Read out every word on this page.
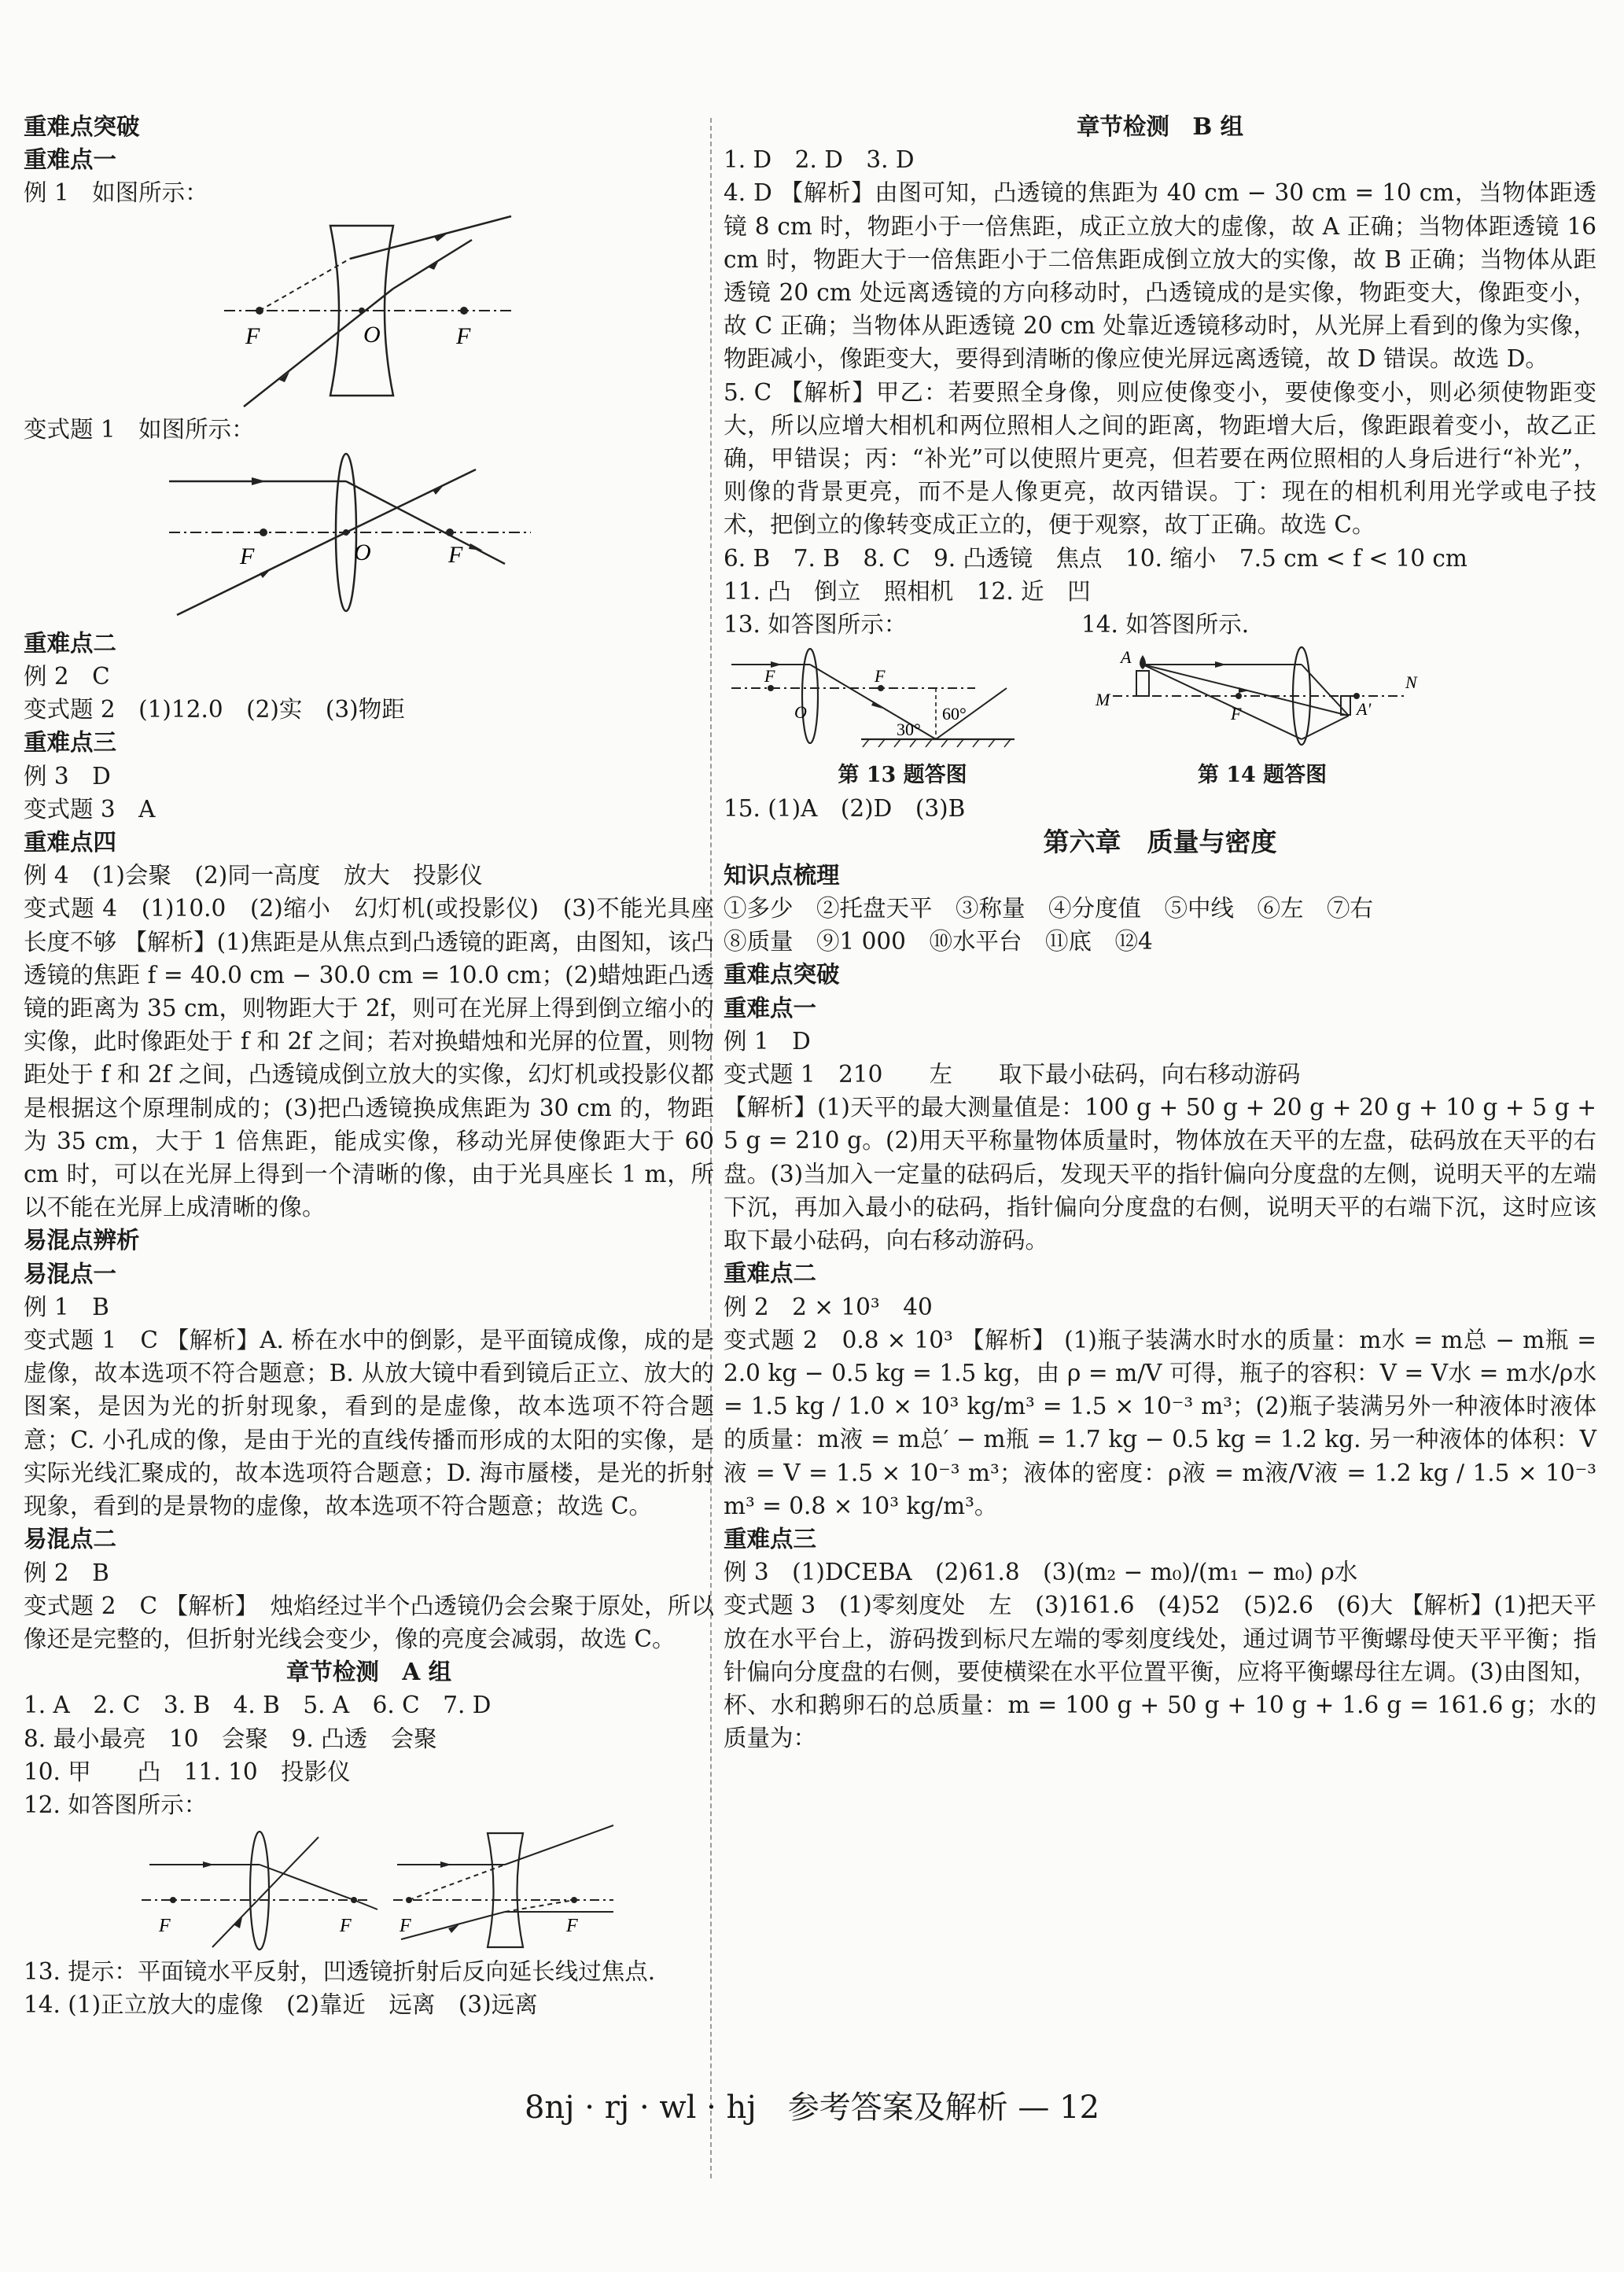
重难点突破
重难点一
例 1　如图所示：
F	O	F
变式题 1　如图所示：
F	O	F
重难点二
例 2　C
变式题 2　(1)12.0　(2)实　(3)物距
重难点三
例 3　D
变式题 3　A
重难点四
例 4　(1)会聚　(2)同一高度　放大　投影仪
变式题 4　(1)10.0　(2)缩小　幻灯机(或投影仪)　(3)不能光具座长度不够 【解析】(1)焦距是从焦点到凸透镜的距离，由图知，该凸透镜的焦距 f = 40.0 cm − 30.0 cm = 10.0 cm；(2)蜡烛距凸透镜的距离为 35 cm，则物距大于 2f，则可在光屏上得到倒立缩小的实像，此时像距处于 f 和 2f 之间；若对换蜡烛和光屏的位置，则物距处于 f 和 2f 之间，凸透镜成倒立放大的实像，幻灯机或投影仪都是根据这个原理制成的；(3)把凸透镜换成焦距为 30 cm 的，物距为 35 cm，大于 1 倍焦距，能成实像，移动光屏使像距大于 60 cm 时，可以在光屏上得到一个清晰的像，由于光具座长 1 m，所以不能在光屏上成清晰的像。
易混点辨析
易混点一
例 1　B
变式题 1　C 【解析】A. 桥在水中的倒影，是平面镜成像，成的是虚像，故本选项不符合题意；B. 从放大镜中看到镜后正立、放大的图案，是因为光的折射现象，看到的是虚像，故本选项不符合题意；C. 小孔成的像，是由于光的直线传播而形成的太阳的实像，是实际光线汇聚成的，故本选项符合题意；D. 海市蜃楼，是光的折射现象，看到的是景物的虚像，故本选项不符合题意；故选 C。
易混点二
例 2　B
变式题 2　C 【解析】　烛焰经过半个凸透镜仍会会聚于原处，所以像还是完整的，但折射光线会变少，像的亮度会减弱，故选 C。
章节检测　A 组
1. A　2. C　3. B　4. B　5. A　6. C　7. D
8. 最小最亮　10　会聚　9. 凸透　会聚
10. 甲　　凸　11. 10　投影仪
12. 如答图所示：
F	F	F	F
13. 提示：平面镜水平反射，凹透镜折射后反向延长线过焦点.
14. (1)正立放大的虚像　(2)靠近　远离　(3)远离
章节检测　B 组
1. D　2. D　3. D
4. D 【解析】由图可知，凸透镜的焦距为 40 cm − 30 cm = 10 cm，当物体距透镜 8 cm 时，物距小于一倍焦距，成正立放大的虚像，故 A 正确；当物体距透镜 16 cm 时，物距大于一倍焦距小于二倍焦距成倒立放大的实像，故 B 正确；当物体从距透镜 20 cm 处远离透镜的方向移动时，凸透镜成的是实像，物距变大，像距变小，故 C 正确；当物体从距透镜 20 cm 处靠近透镜移动时，从光屏上看到的像为实像，物距减小，像距变大，要得到清晰的像应使光屏远离透镜，故 D 错误。故选 D。
5. C 【解析】甲乙：若要照全身像，则应使像变小，要使像变小，则必须使物距变大，所以应增大相机和两位照相人之间的距离，物距增大后，像距跟着变小，故乙正确，甲错误；丙：“补光”可以使照片更亮，但若要在两位照相的人身后进行“补光”，则像的背景更亮，而不是人像更亮，故丙错误。丁：现在的相机利用光学或电子技术，把倒立的像转变成正立的，便于观察，故丁正确。故选 C。
6. B　7. B　8. C　9. 凸透镜　焦点　10. 缩小　7.5 cm < f < 10 cm
11. 凸　倒立　照相机　12. 近　凹
13. 如答图所示：
F	F
O
30°
60°
第 13 题答图
14. 如答图所示.
A
M
F	A'
N
第 14 题答图
15. (1)A　(2)D　(3)B
第六章　质量与密度
知识点梳理
①多少　②托盘天平　③称量　④分度值　⑤中线　⑥左　⑦右
⑧质量　⑨1 000　⑩水平台　⑪底　⑫4
重难点突破
重难点一
例 1　D
变式题 1　210　　左　　取下最小砝码，向右移动游码
【解析】(1)天平的最大测量值是：100 g + 50 g + 20 g + 20 g + 10 g + 5 g + 5 g = 210 g。(2)用天平称量物体质量时，物体放在天平的左盘，砝码放在天平的右盘。(3)当加入一定量的砝码后，发现天平的指针偏向分度盘的左侧，说明天平的左端下沉，再加入最小的砝码，指针偏向分度盘的右侧，说明天平的右端下沉，这时应该取下最小砝码，向右移动游码。
重难点二
例 2　2 × 10³　40
变式题 2　0.8 × 10³ 【解析】 (1)瓶子装满水时水的质量：m水 = m总 − m瓶 = 2.0 kg − 0.5 kg = 1.5 kg，由 ρ = m/V 可得，瓶子的容积：V = V水 = m水/ρ水 = 1.5 kg / 1.0 × 10³ kg/m³ = 1.5 × 10⁻³ m³；(2)瓶子装满另外一种液体时液体的质量：m液 = m总′ − m瓶 = 1.7 kg − 0.5 kg = 1.2 kg. 另一种液体的体积：V液 = V = 1.5 × 10⁻³ m³；液体的密度：ρ液 = m液/V液 = 1.2 kg / 1.5 × 10⁻³ m³ = 0.8 × 10³ kg/m³。
重难点三
例 3　(1)DCEBA　(2)61.8　(3)(m₂ − m₀)/(m₁ − m₀) ρ水
变式题 3　(1)零刻度处　左　(3)161.6　(4)52　(5)2.6　(6)大 【解析】(1)把天平放在水平台上，游码拨到标尺左端的零刻度线处，通过调节平衡螺母使天平平衡；指针偏向分度盘的右侧，要使横梁在水平位置平衡，应将平衡螺母往左调。(3)由图知，杯、水和鹅卵石的总质量：m = 100 g + 50 g + 10 g + 1.6 g = 161.6 g；水的质量为：
8nj · rj · wl · hj　参考答案及解析 — 12
